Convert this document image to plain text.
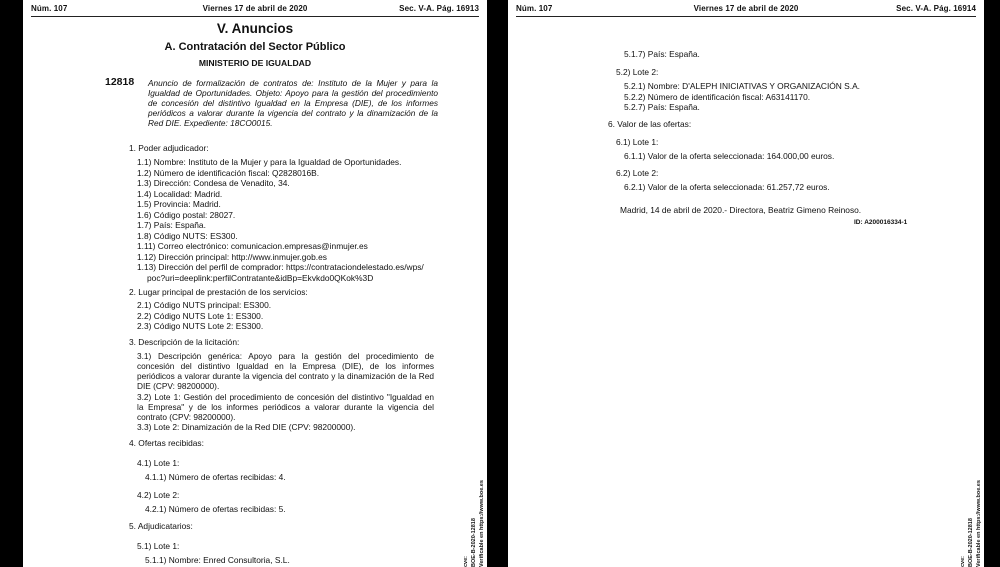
Núm. 107	Viernes 17 de abril de 2020	Sec. V-A. Pág. 16913
V. Anuncios
A. Contratación del Sector Público
MINISTERIO DE IGUALDAD
12818 Anuncio de formalización de contratos de: Instituto de la Mujer y para la Igualdad de Oportunidades. Objeto: Apoyo para la gestión del procedimiento de concesión del distintivo Igualdad en la Empresa (DIE), de los informes periódicos a valorar durante la vigencia del contrato y la dinamización de la Red DIE. Expediente: 18CO0015.
1. Poder adjudicador:
1.1) Nombre: Instituto de la Mujer y para la Igualdad de Oportunidades.
1.2) Número de identificación fiscal: Q2828016B.
1.3) Dirección: Condesa de Venadito, 34.
1.4) Localidad: Madrid.
1.5) Provincia: Madrid.
1.6) Código postal: 28027.
1.7) País: España.
1.8) Código NUTS: ES300.
1.11) Correo electrónico: comunicacion.empresas@inmujer.es
1.12) Dirección principal: http://www.inmujer.gob.es
1.13) Dirección del perfil de comprador: https://contrataciondelestado.es/wps/
poc?uri=deeplink:perfilContratante&idBp=Ekvkdo0QKok%3D
2. Lugar principal de prestación de los servicios:
2.1) Código NUTS principal: ES300.
2.2) Código NUTS Lote 1: ES300.
2.3) Código NUTS Lote 2: ES300.
3. Descripción de la licitación:
3.1) Descripción genérica: Apoyo para la gestión del procedimiento de concesión del distintivo Igualdad en la Empresa (DIE), de los informes periódicos a valorar durante la vigencia del contrato y la dinamización de la Red DIE (CPV: 98200000).
3.2) Lote 1: Gestión del procedimiento de concesión del distintivo "Igualdad en la Empresa" y de los informes periódicos a valorar durante la vigencia del contrato (CPV: 98200000).
3.3) Lote 2: Dinamización de la Red DIE (CPV: 98200000).
4. Ofertas recibidas:
4.1) Lote 1:
4.1.1) Número de ofertas recibidas: 4.
4.2) Lote 2:
4.2.1) Número de ofertas recibidas: 5.
5. Adjudicatarios:
5.1) Lote 1:
5.1.1) Nombre: Enred Consultoria, S.L.	cve: BOE-B-2020-12818 Verificable en https://www.boe.es
Núm. 107	Viernes 17 de abril de 2020	Sec. V-A. Pág. 16914
5.1.7) País: España.
5.2) Lote 2:
5.2.1) Nombre: D'ALEPH INICIATIVAS Y ORGANIZACIÓN S.A.
5.2.2) Número de identificación fiscal: A63141170.
5.2.7) País: España.
6. Valor de las ofertas:
6.1) Lote 1:
6.1.1) Valor de la oferta seleccionada: 164.000,00 euros.
6.2) Lote 2:
6.2.1) Valor de la oferta seleccionada: 61.257,72 euros.
Madrid, 14 de abril de 2020.- Directora, Beatriz Gimeno Reinoso.
ID: A200016334-1
cve: BOE-B-2020-12818 Verificable en https://www.boe.es
